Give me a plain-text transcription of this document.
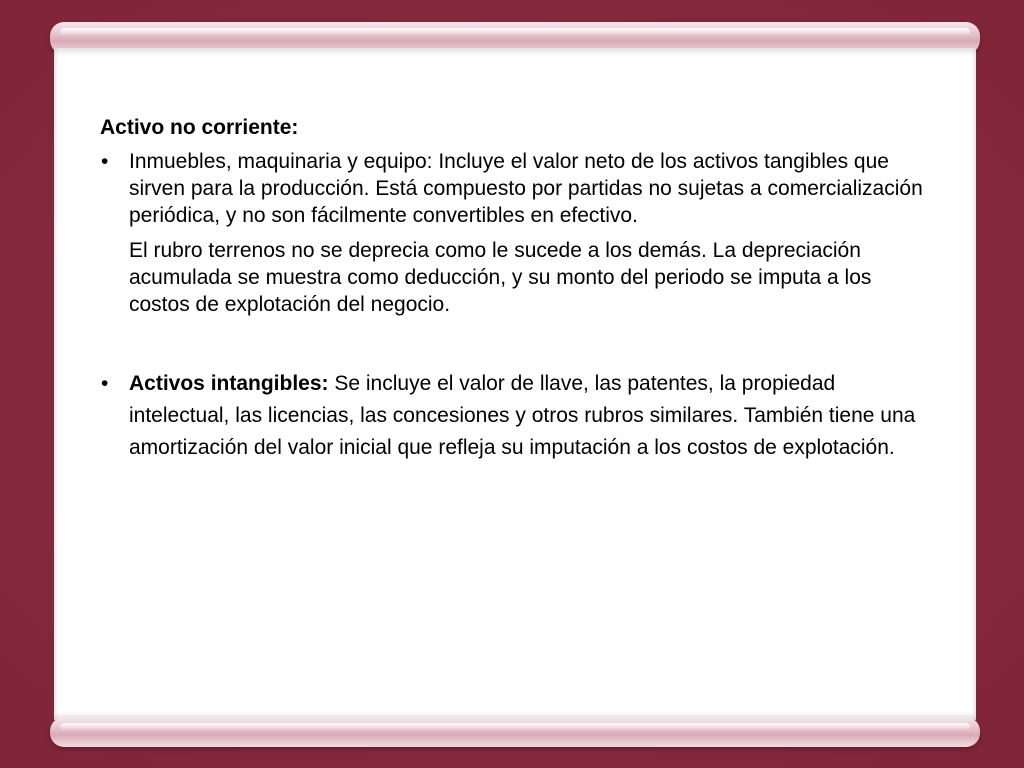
Activo no corriente:
• Inmuebles, maquinaria y equipo: Incluye el valor neto de los activos tangibles que sirven para la producción. Está compuesto por partidas no sujetas a comercialización periódica, y no son fácilmente convertibles en efectivo.

El rubro terrenos no se deprecia como le sucede a los demás. La depreciación acumulada se muestra como deducción, y su monto del periodo se imputa a los costos de explotación del negocio.

• Activos intangibles: Se incluye el valor de llave, las patentes, la propiedad intelectual, las licencias, las concesiones y otros rubros similares. También tiene una amortización del valor inicial que refleja su imputación a los costos de explotación.
